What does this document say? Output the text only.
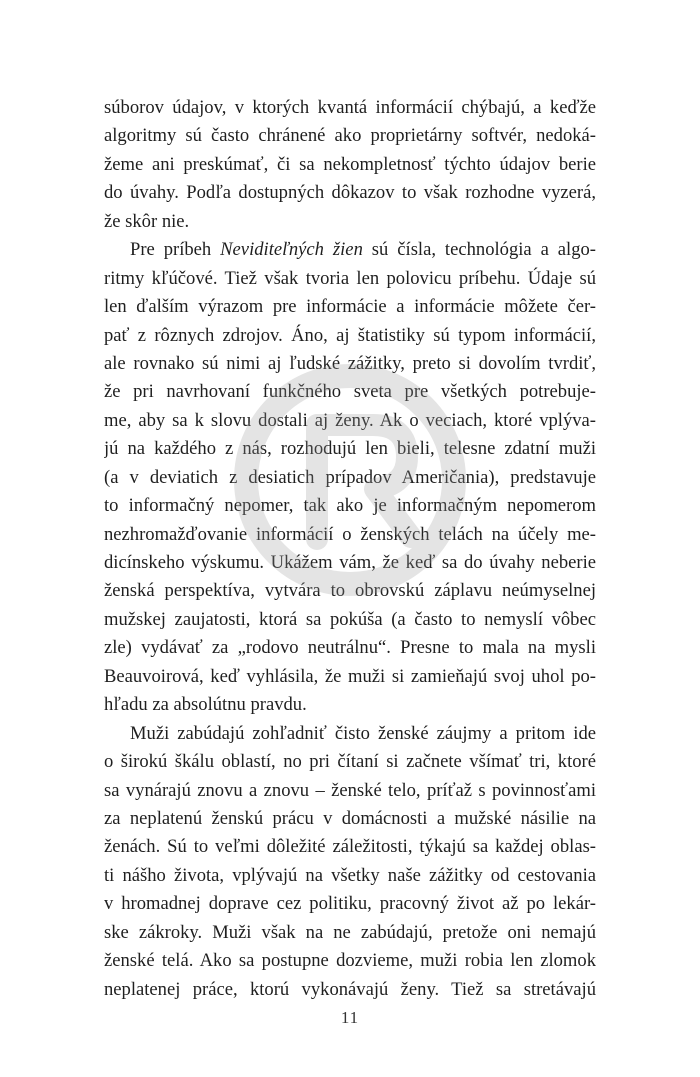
súborov údajov, v ktorých kvantá informácií chýbajú, a keďže
algoritmy sú často chránené ako proprietárny softvér, nedoká-
žeme ani preskúmať, či sa nekompletnosť týchto údajov berie
do úvahy. Podľa dostupných dôkazov to však rozhodne vyzerá,
že skôr nie.
Pre príbeh Neviditeľných žien sú čísla, technológia a algo-
ritmy kľúčové. Tiež však tvoria len polovicu príbehu. Údaje sú
len ďalším výrazom pre informácie a informácie môžete čer-
pať z rôznych zdrojov. Áno, aj štatistiky sú typom informácií,
ale rovnako sú nimi aj ľudské zážitky, preto si dovolím tvrdiť,
že pri navrhovaní funkčného sveta pre všetkých potrebuje-
me, aby sa k slovu dostali aj ženy. Ak o veciach, ktoré vplýva-
jú na každého z nás, rozhodujú len bieli, telesne zdatní muži
(a v deviatich z desiatich prípadov Američania), predstavuje
to informačný nepomer, tak ako je informačným nepomerom
nezhromažďovanie informácií o ženských telách na účely me-
dicínskeho výskumu. Ukážem vám, že keď sa do úvahy neberie
ženská perspektíva, vytvára to obrovskú záplavu neúmyselnej
mužskej zaujatosti, ktorá sa pokúša (a často to nemyslí vôbec
zle) vydávať za „rodovo neutrálnu“. Presne to mala na mysli
Beauvoirová, keď vyhlásila, že muži si zamieňajú svoj uhol po-
hľadu za absolútnu pravdu.
Muži zabúdajú zohľadniť čisto ženské záujmy a pritom ide
o širokú škálu oblastí, no pri čítaní si začnete všímať tri, ktoré
sa vynárajú znovu a znovu – ženské telo, príťaž s povinnosťami
za neplatenú ženskú prácu v domácnosti a mužské násilie na
ženách. Sú to veľmi dôležité záležitosti, týkajú sa každej oblas-
ti nášho života, vplývajú na všetky naše zážitky od cestovania
v hromadnej doprave cez politiku, pracovný život až po lekár-
ske zákroky. Muži však na ne zabúdajú, pretože oni nemajú
ženské telá. Ako sa postupne dozvieme, muži robia len zlomok
neplatenej práce, ktorú vykonávajú ženy. Tiež sa stretávajú
11
